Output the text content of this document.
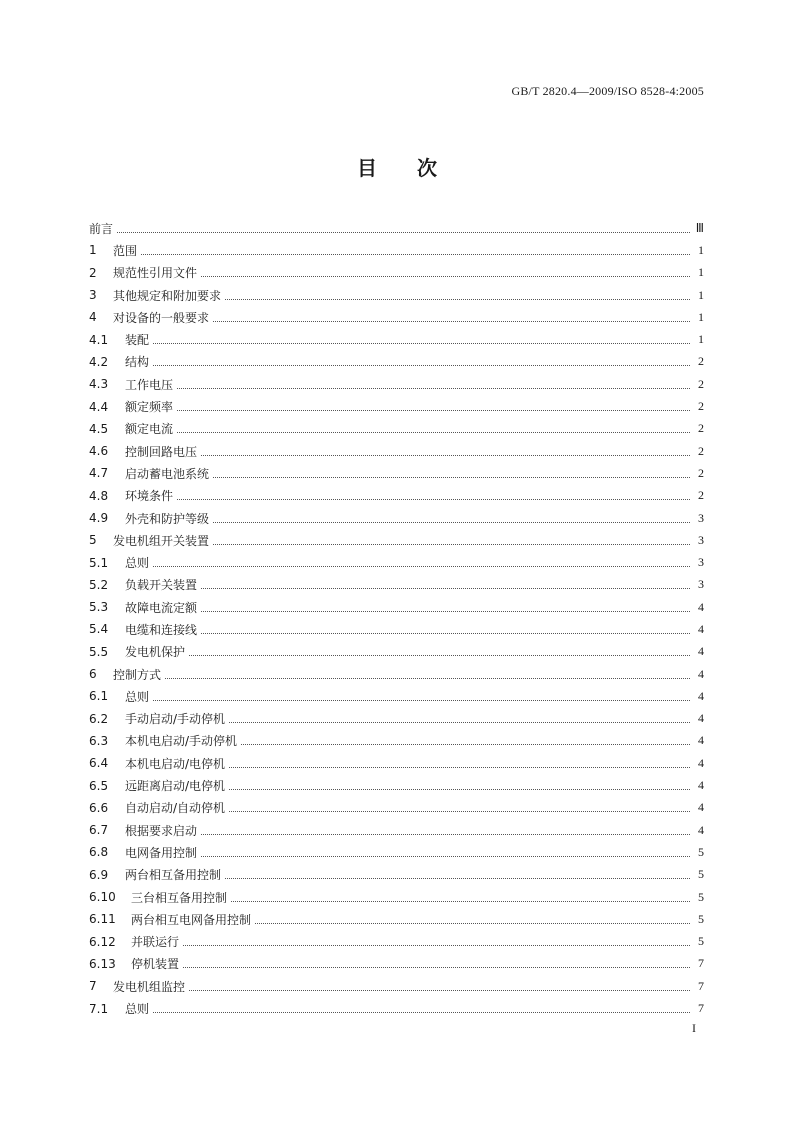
GB/T 2820.4—2009/ISO 8528-4:2005
目 次
前言	Ⅲ
1	范围	1
2	规范性引用文件	1
3	其他规定和附加要求	1
4	对设备的一般要求	1
4.1	装配	1
4.2	结构	2
4.3	工作电压	2
4.4	额定频率	2
4.5	额定电流	2
4.6	控制回路电压	2
4.7	启动蓄电池系统	2
4.8	环境条件	2
4.9	外壳和防护等级	3
5	发电机组开关装置	3
5.1	总则	3
5.2	负载开关装置	3
5.3	故障电流定额	4
5.4	电缆和连接线	4
5.5	发电机保护	4
6	控制方式	4
6.1	总则	4
6.2	手动启动/手动停机	4
6.3	本机电启动/手动停机	4
6.4	本机电启动/电停机	4
6.5	远距离启动/电停机	4
6.6	自动启动/自动停机	4
6.7	根据要求启动	4
6.8	电网备用控制	5
6.9	两台相互备用控制	5
6.10	三台相互备用控制	5
6.11	两台相互电网备用控制	5
6.12	并联运行	5
6.13	停机装置	7
7	发电机组监控	7
7.1	总则	7
I
